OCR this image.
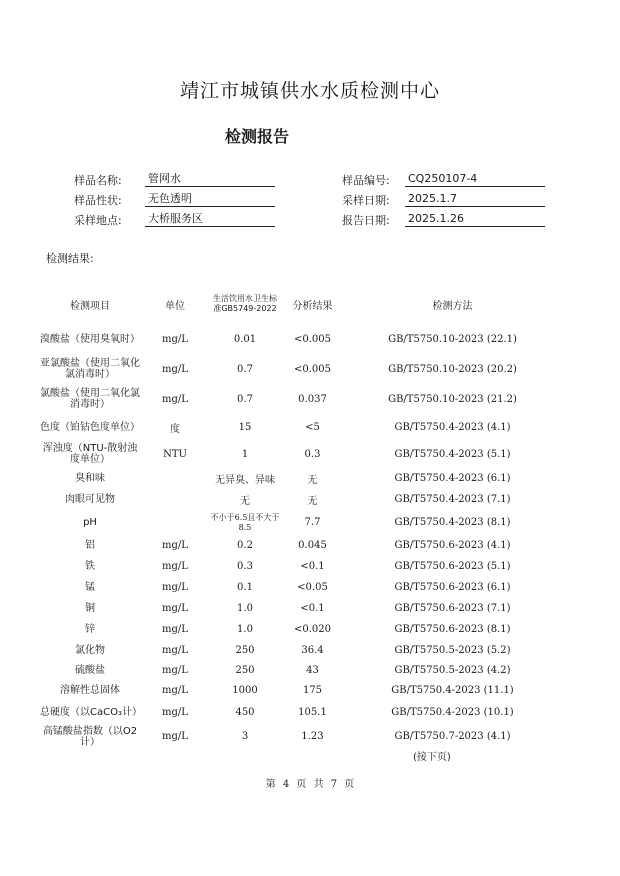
靖江市城镇供水水质检测中心
检测报告
样品名称: 管网水
样品性状: 无色透明
采样地点: 大桥服务区
样品编号: CQ250107-4
采样日期: 2025.1.7
报告日期: 2025.1.26
检测结果:
检测项目	单位	生活饮用水卫生标准GB5749-2022	分析结果	检测方法
溴酸盐（使用臭氧时）	mg/L	0.01	<0.005	GB/T5750.10-2023 (22.1)
亚氯酸盐（使用二氧化氯消毒时）	mg/L	0.7	<0.005	GB/T5750.10-2023 (20.2)
氯酸盐（使用二氧化氯消毒时）	mg/L	0.7	0.037	GB/T5750.10-2023 (21.2)
色度（铂钴色度单位）	度	15	<5	GB/T5750.4-2023 (4.1)
浑浊度（NTU-散射浊度单位）	NTU	1	0.3	GB/T5750.4-2023 (5.1)
臭和味		无异臭、异味	无	GB/T5750.4-2023 (6.1)
肉眼可见物		无	无	GB/T5750.4-2023 (7.1)
pH		不小于6.5且不大于8.5	7.7	GB/T5750.4-2023 (8.1)
铝	mg/L	0.2	0.045	GB/T5750.6-2023 (4.1)
铁	mg/L	0.3	<0.1	GB/T5750.6-2023 (5.1)
锰	mg/L	0.1	<0.05	GB/T5750.6-2023 (6.1)
铜	mg/L	1.0	<0.1	GB/T5750.6-2023 (7.1)
锌	mg/L	1.0	<0.020	GB/T5750.6-2023 (8.1)
氯化物	mg/L	250	36.4	GB/T5750.5-2023 (5.2)
硫酸盐	mg/L	250	43	GB/T5750.5-2023 (4.2)
溶解性总固体	mg/L	1000	175	GB/T5750.4-2023 (11.1)
总硬度（以CaCO₃计）	mg/L	450	105.1	GB/T5750.4-2023 (10.1)
高锰酸盐指数（以O2计）	mg/L	3	1.23	GB/T5750.7-2023 (4.1)
(接下页)
第 4 页 共 7 页
